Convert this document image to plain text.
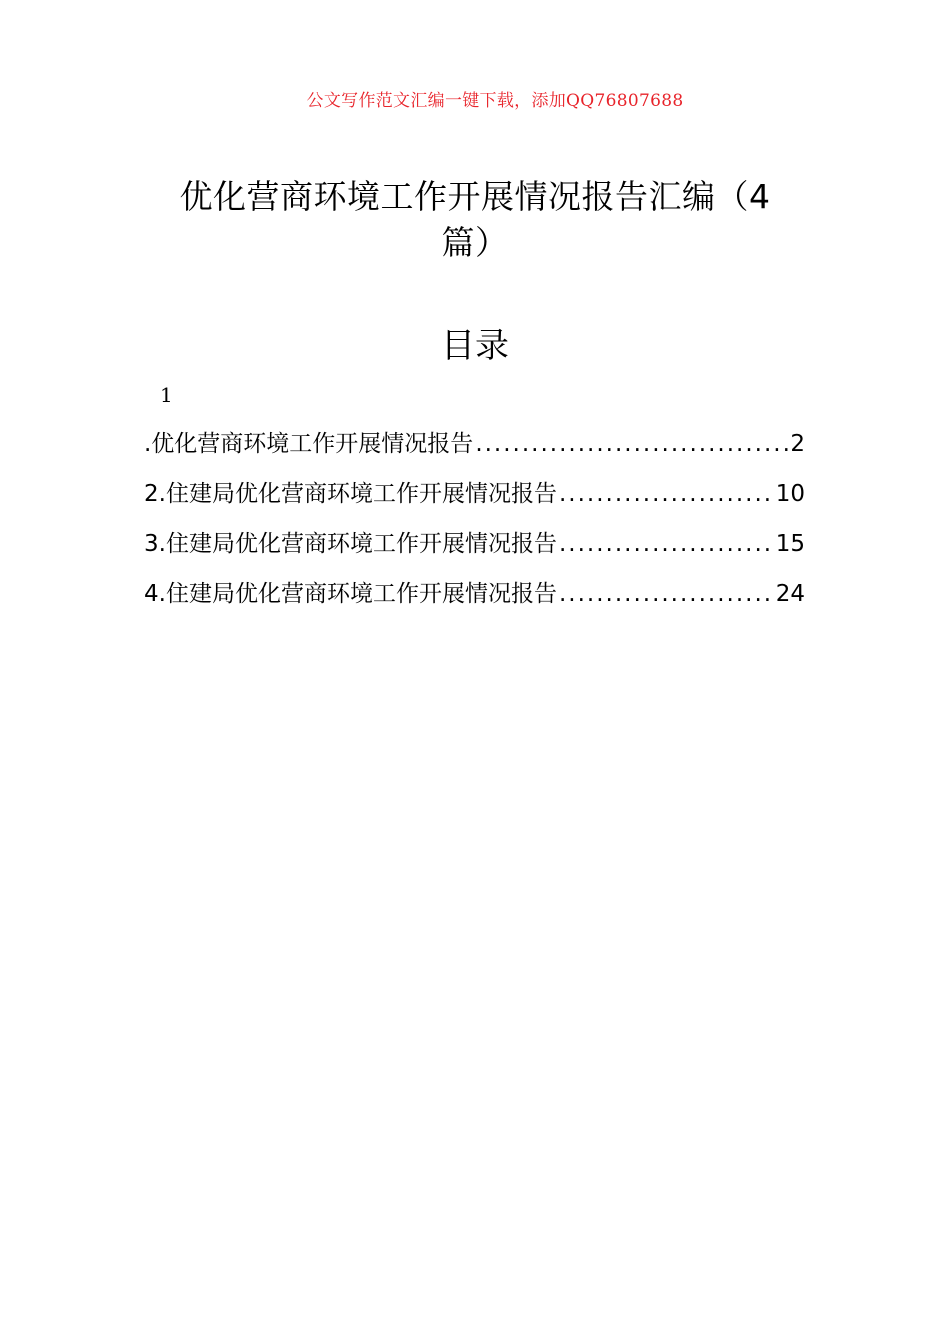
公文写作范文汇编一键下载，添加QQ76807688
优化营商环境工作开展情况报告汇编（4篇）
目录
1
.优化营商环境工作开展情况报告 .....	2
2.住建局优化营商环境工作开展情况报告 .....	10
3.住建局优化营商环境工作开展情况报告 .....	15
4.住建局优化营商环境工作开展情况报告 .....	24
